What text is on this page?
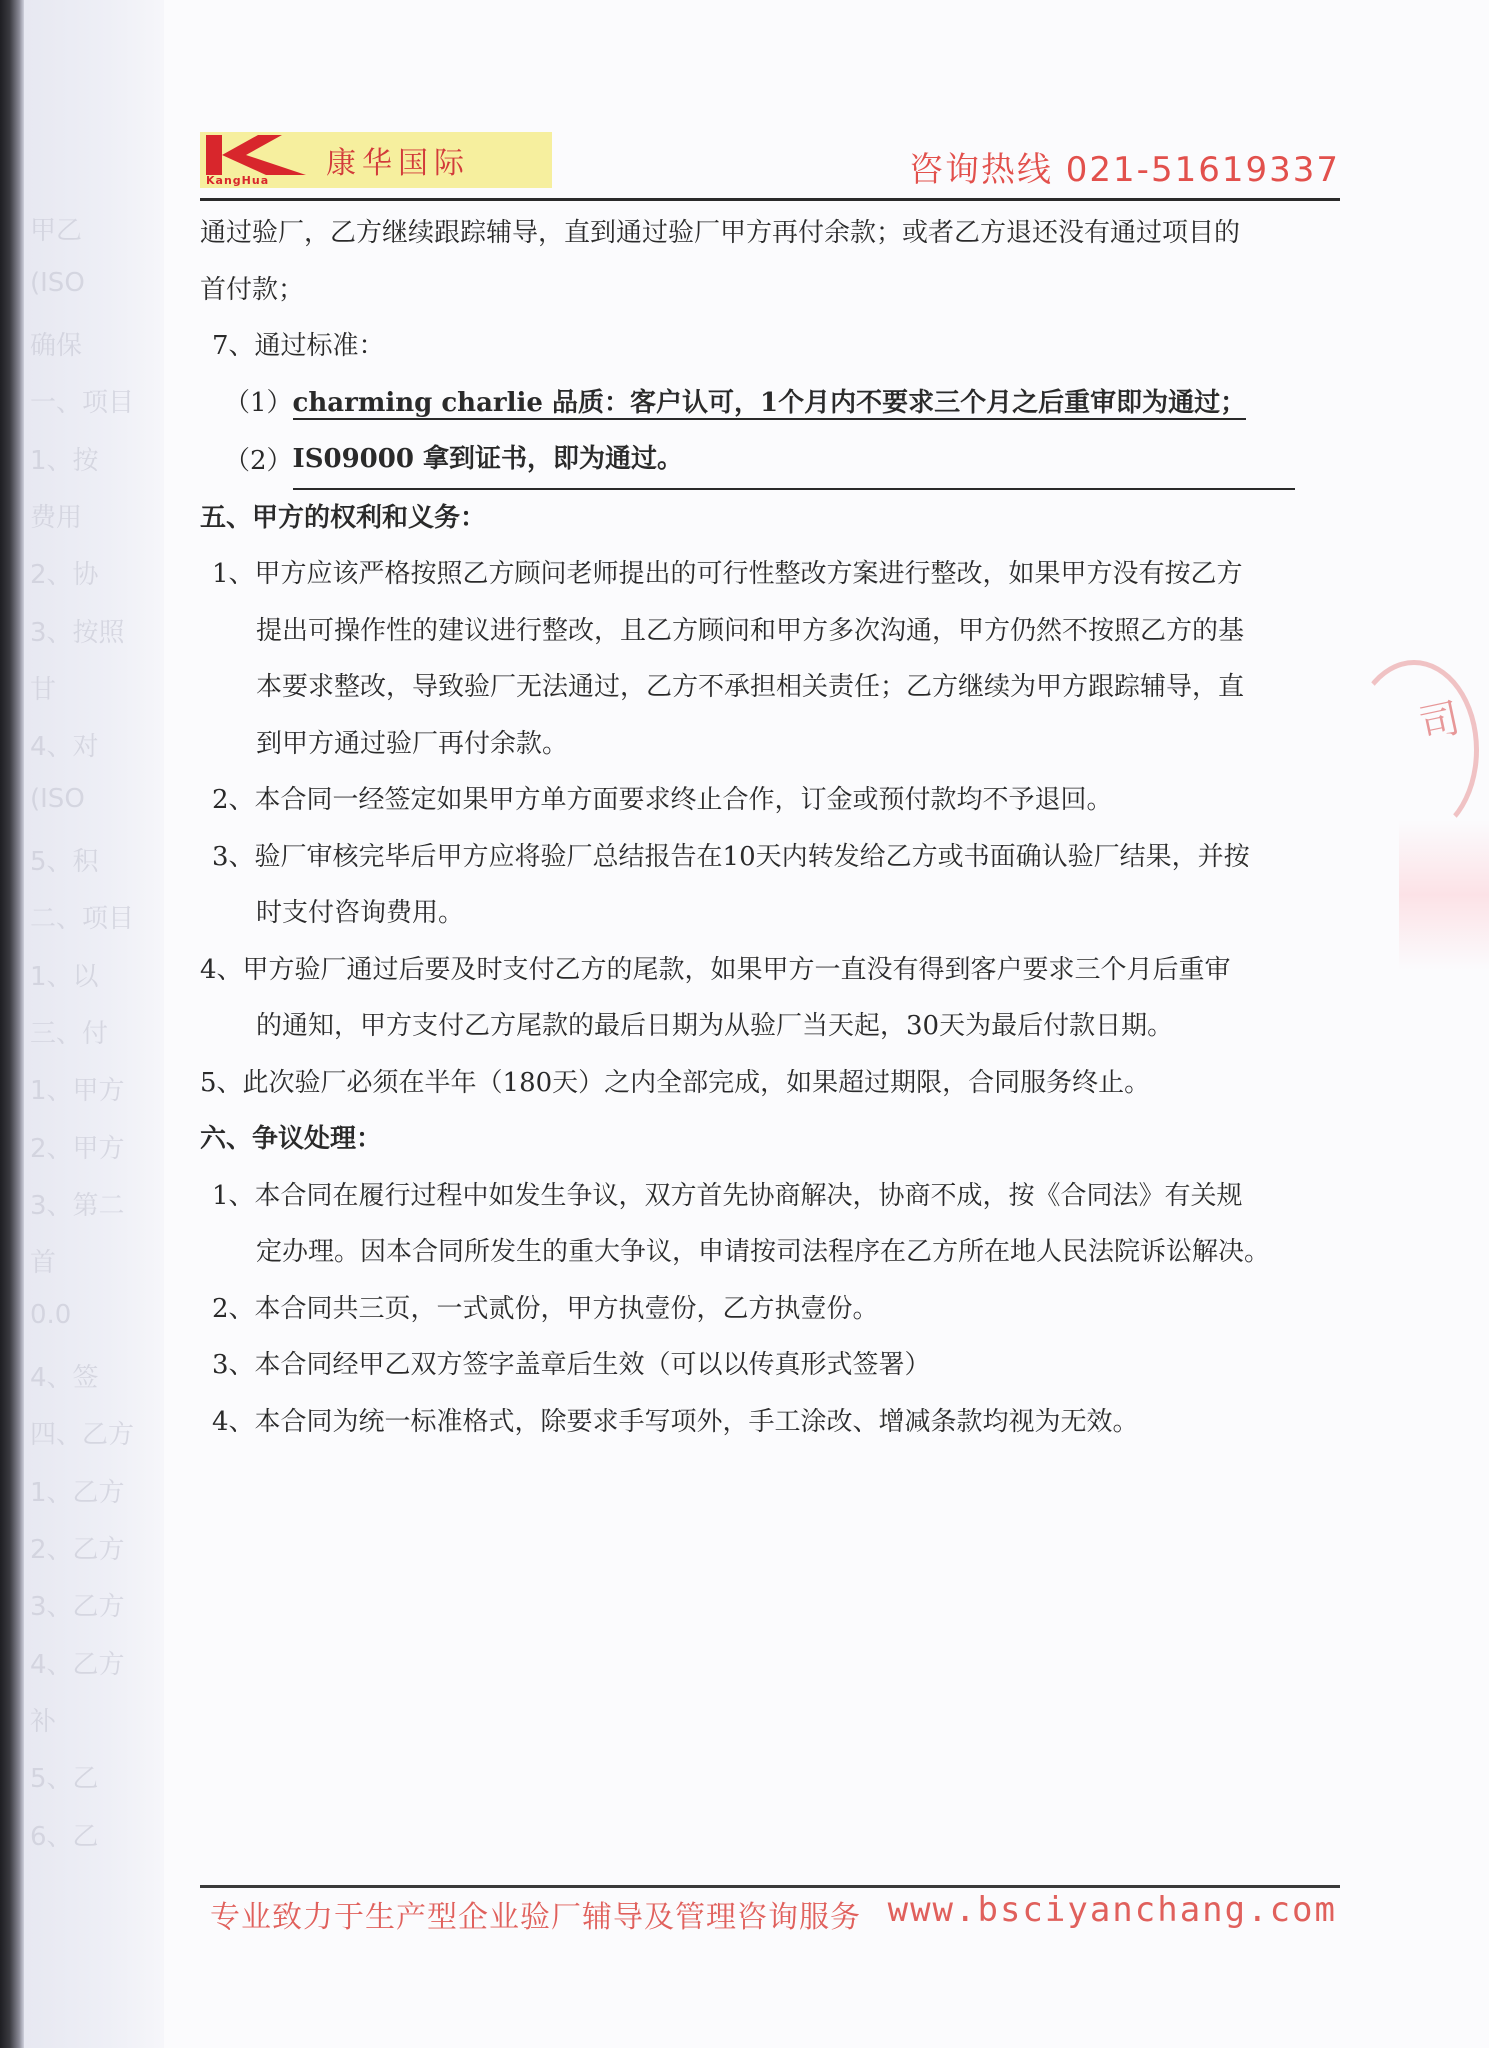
甲乙
(ISO
确保
一、项目
1、按
费用
2、协
3、按照
甘
4、对
(ISO
5、积
二、项目
1、以
三、付
1、甲方
2、甲方
3、第二
首
0.0
4、签
四、乙方
1、乙方
2、乙方
3、乙方
4、乙方
补
5、乙
6、乙
司
KangHua 康华国际	咨询热线 021-51619337
通过验厂，乙方继续跟踪辅导，直到通过验厂甲方再付余款；或者乙方退还没有通过项目的
首付款；
7、通过标准：
（1）charming charlie 品质：客户认可，1个月内不要求三个月之后重审即为通过；
（2）IS09000 拿到证书，即为通过。
五、甲方的权利和义务：
1、甲方应该严格按照乙方顾问老师提出的可行性整改方案进行整改，如果甲方没有按乙方
提出可操作性的建议进行整改，且乙方顾问和甲方多次沟通，甲方仍然不按照乙方的基
本要求整改，导致验厂无法通过，乙方不承担相关责任；乙方继续为甲方跟踪辅导，直
到甲方通过验厂再付余款。
2、本合同一经签定如果甲方单方面要求终止合作，订金或预付款均不予退回。
3、验厂审核完毕后甲方应将验厂总结报告在10天内转发给乙方或书面确认验厂结果，并按
时支付咨询费用。
4、甲方验厂通过后要及时支付乙方的尾款，如果甲方一直没有得到客户要求三个月后重审
的通知，甲方支付乙方尾款的最后日期为从验厂当天起，30天为最后付款日期。
5、此次验厂必须在半年（180天）之内全部完成，如果超过期限，合同服务终止。
六、争议处理：
1、本合同在履行过程中如发生争议，双方首先协商解决，协商不成，按《合同法》有关规
定办理。因本合同所发生的重大争议，申请按司法程序在乙方所在地人民法院诉讼解决。
2、本合同共三页，一式贰份，甲方执壹份，乙方执壹份。
3、本合同经甲乙双方签字盖章后生效（可以以传真形式签署）
4、本合同为统一标准格式，除要求手写项外，手工涂改、增减条款均视为无效。
专业致力于生产型企业验厂辅导及管理咨询服务 www.bsciyanchang.com
